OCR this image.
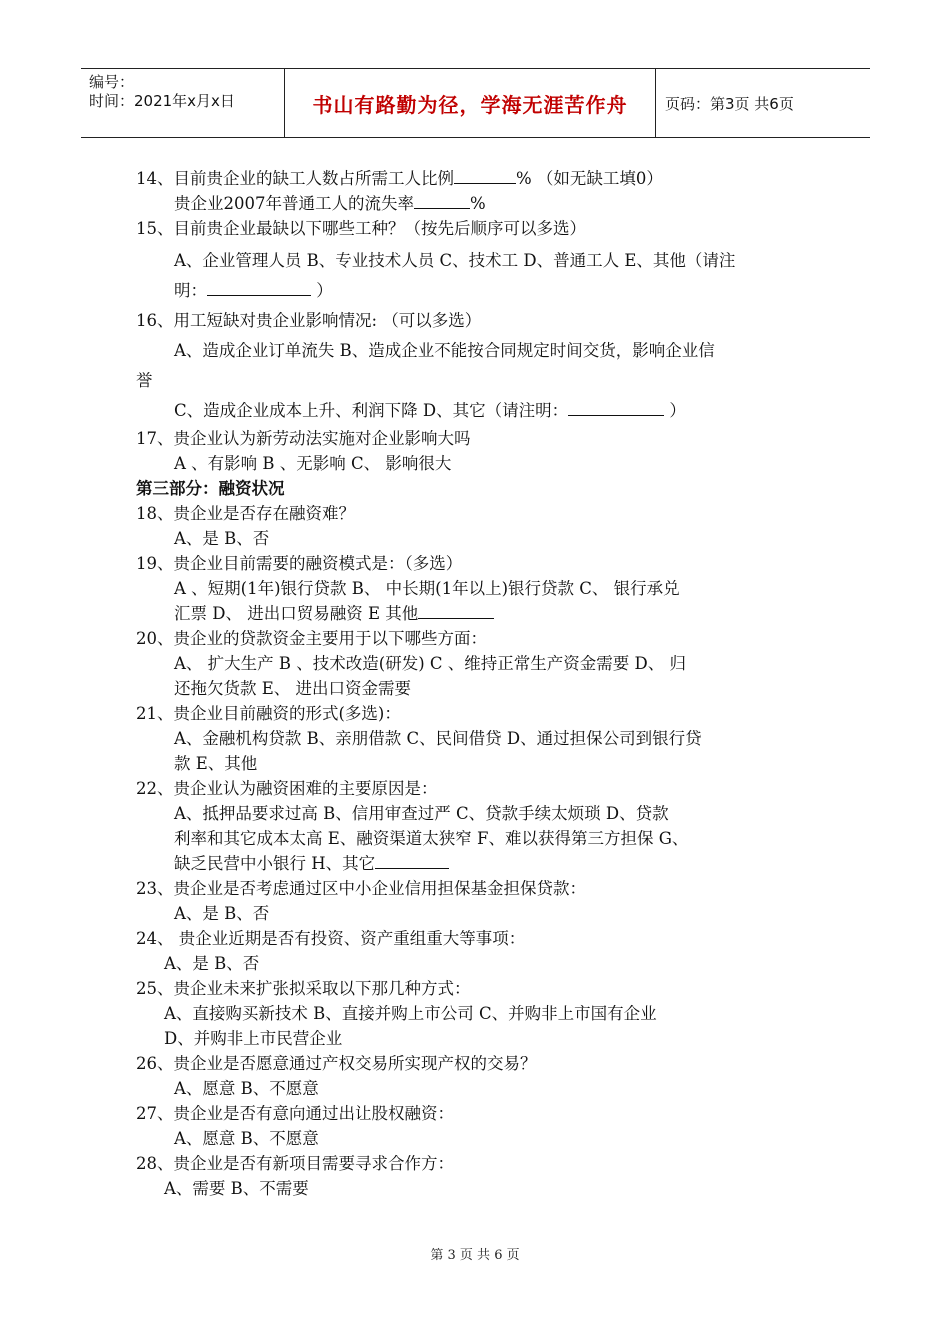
编号：
时间：2021年x月x日	书山有路勤为径，学海无涯苦作舟	页码：第3页 共6页
14、目前贵企业的缺工人数占所需工人比例	% （如无缺工填0）
贵企业2007年普通工人的流失率	%
15、目前贵企业最缺以下哪些工种？（按先后顺序可以多选）
A、企业管理人员 B、专业技术人员 C、技术工 D、普通工人 E、其他（请注
明：	）
16、用工短缺对贵企业影响情况: （可以多选）
A、造成企业订单流失 B、造成企业不能按合同规定时间交货，影响企业信
誉
C、造成企业成本上升、利润下降 D、其它（请注明：	）
17、贵企业认为新劳动法实施对企业影响大吗
A 、有影响 B 、无影响 C、 影响很大
第三部分：融资状况
18、贵企业是否存在融资难？
A、是 B、否
19、贵企业目前需要的融资模式是：（多选）
A 、短期(1年)银行贷款 B、 中长期(1年以上)银行贷款 C、 银行承兑
汇票 D、 进出口贸易融资 E 其他
20、贵企业的贷款资金主要用于以下哪些方面：
A、 扩大生产 B 、技术改造(研发) C 、维持正常生产资金需要 D、 归
还拖欠货款 E、 进出口资金需要
21、贵企业目前融资的形式(多选)：
A、金融机构贷款 B、亲朋借款 C、民间借贷 D、通过担保公司到银行贷
款 E、其他
22、贵企业认为融资困难的主要原因是：
A、抵押品要求过高 B、信用审查过严 C、贷款手续太烦琐 D、贷款
利率和其它成本太高 E、融资渠道太狭窄 F、难以获得第三方担保 G、
缺乏民营中小银行 H、其它
23、贵企业是否考虑通过区中小企业信用担保基金担保贷款：
A、是 B、否
24、 贵企业近期是否有投资、资产重组重大等事项：
A、是 B、否
25、贵企业未来扩张拟采取以下那几种方式：
A、直接购买新技术 B、直接并购上市公司 C、并购非上市国有企业
D、并购非上市民营企业
26、贵企业是否愿意通过产权交易所实现产权的交易？
A、愿意 B、不愿意
27、贵企业是否有意向通过出让股权融资：
A、愿意 B、不愿意
28、贵企业是否有新项目需要寻求合作方：
A、需要 B、不需要
第 3 页 共 6 页
